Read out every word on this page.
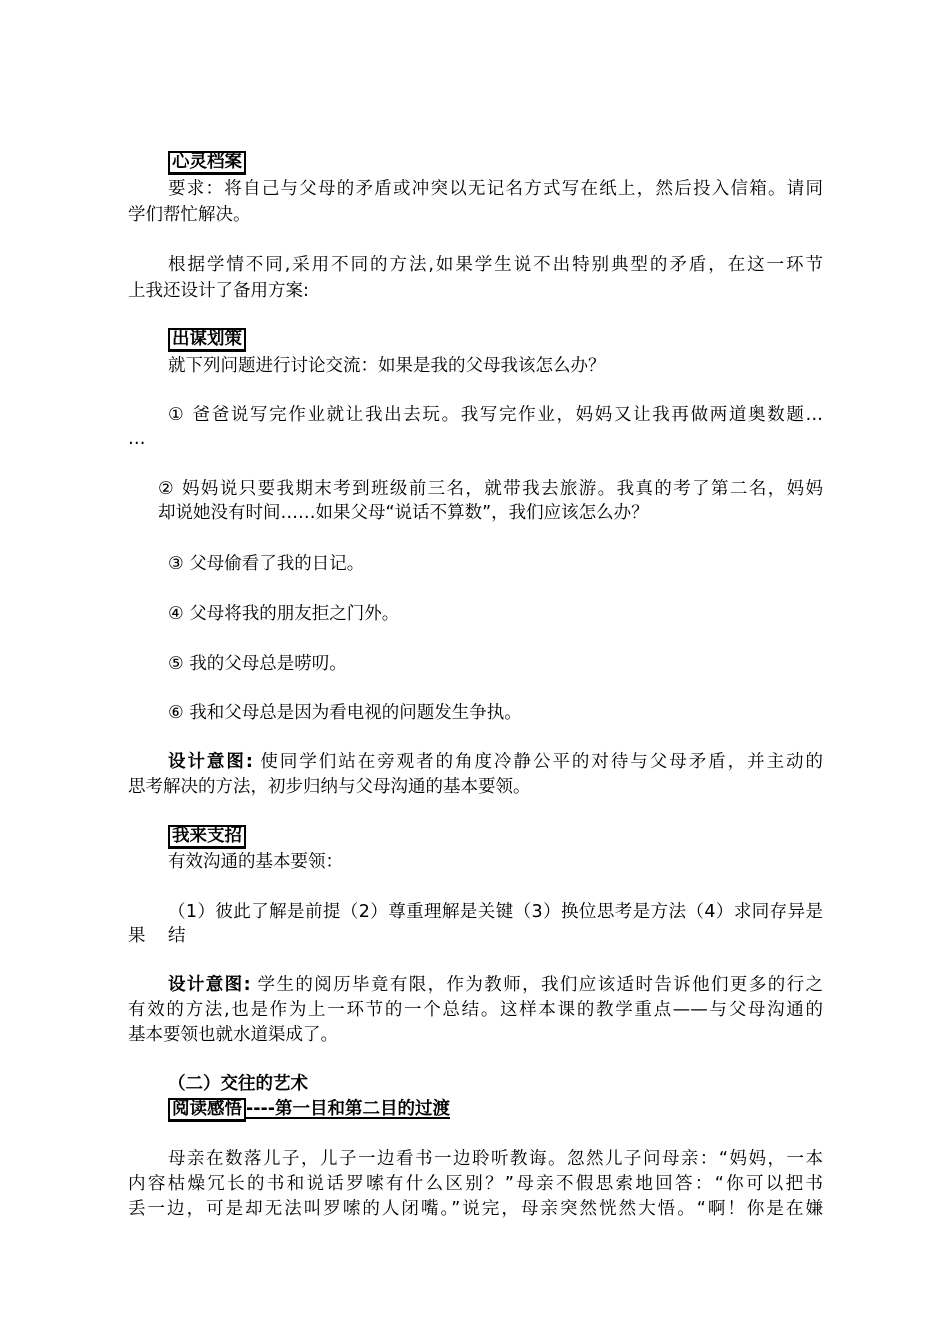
心灵档案
要求：将自己与父母的矛盾或冲突以无记名方式写在纸上，然后投入信箱。请同
学们帮忙解决。
根据学情不同,采用不同的方法,如果学生说不出特别典型的矛盾，在这一环节
上我还设计了备用方案:
出谋划策
就下列问题进行讨论交流：如果是我的父母我该怎么办？
① 爸爸说写完作业就让我出去玩。我写完作业，妈妈又让我再做两道奥数题…
…
② 妈妈说只要我期末考到班级前三名，就带我去旅游。我真的考了第二名，妈妈
却说她没有时间……如果父母“说话不算数”，我们应该怎么办？
③ 父母偷看了我的日记。
④ 父母将我的朋友拒之门外。
⑤ 我的父母总是唠叨。
⑥ 我和父母总是因为看电视的问题发生争执。
设计意图: 使同学们站在旁观者的角度冷静公平的对待与父母矛盾，并主动的
思考解决的方法，初步归纳与父母沟通的基本要领。
我来支招
有效沟通的基本要领：
（1）彼此了解是前提（2）尊重理解是关键（3）换位思考是方法（4）求同存异是结
果
设计意图: 学生的阅历毕竟有限，作为教师，我们应该适时告诉他们更多的行之
有效的方法,也是作为上一环节的一个总结。这样本课的教学重点——与父母沟通的
基本要领也就水道渠成了。
（二）交往的艺术
阅读感悟 ----第一目和第二目的过渡
母亲在数落儿子，儿子一边看书一边聆听教诲。忽然儿子问母亲：“妈妈，一本
内容枯燥冗长的书和说话罗嗦有什么区别？”母亲不假思索地回答：“你可以把书
丢一边，可是却无法叫罗嗦的人闭嘴。”说完，母亲突然恍然大悟。“啊！你是在嫌
